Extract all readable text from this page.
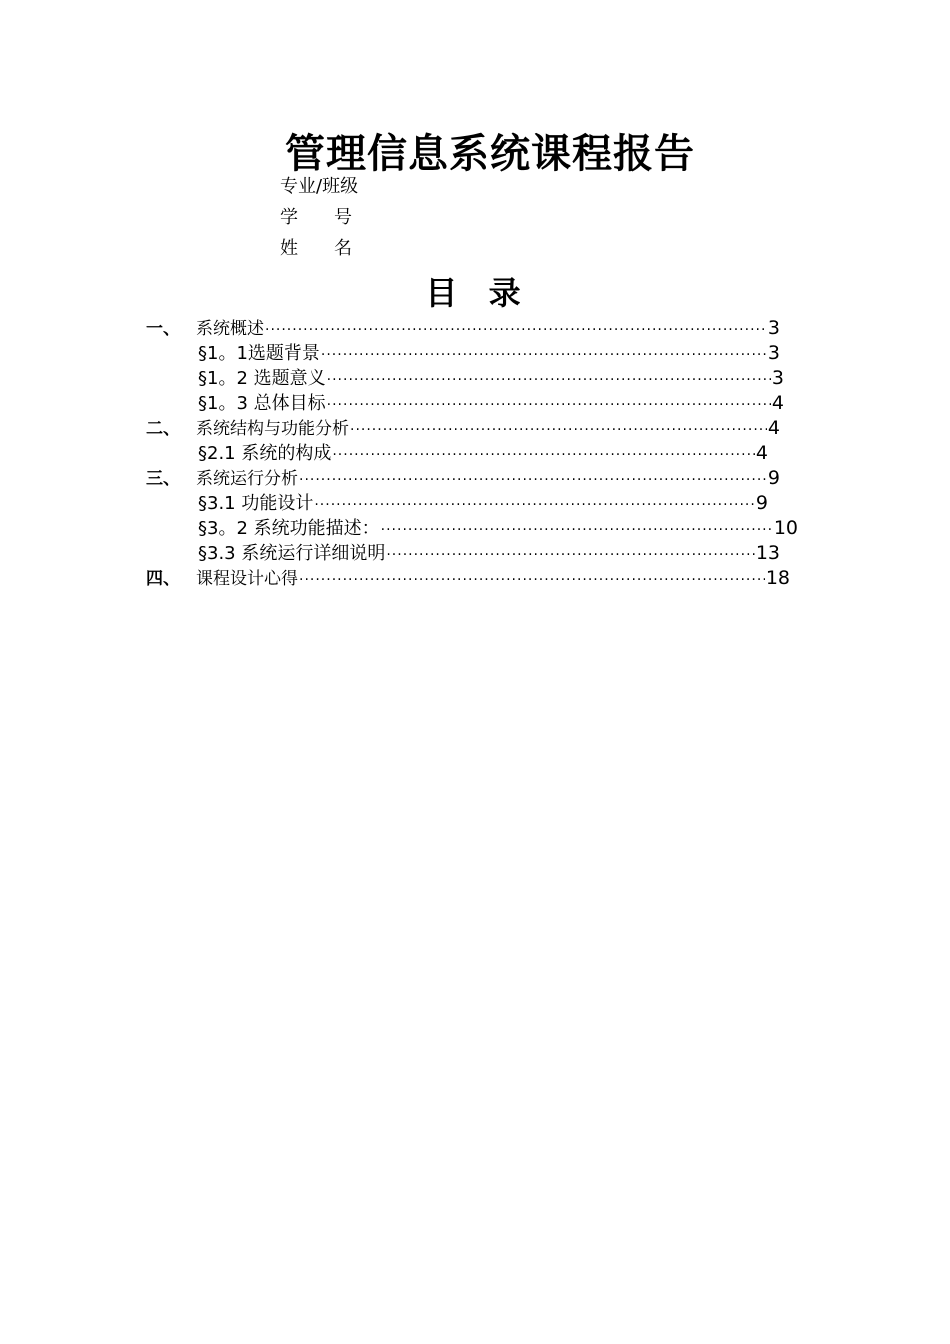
管理信息系统课程报告
专业/班级
学　　号
姓　　名
目 录
一、 系统概述 ·····	3
§1。1选题背景 ·····	3
§1。2 选题意义 ·····	3
§1。3 总体目标 ·····	4
二、 系统结构与功能分析 ·····	4
§2.1 系统的构成 ·····	4
三、 系统运行分析 ·····	9
§3.1 功能设计 ·····	9
§3。2 系统功能描述： ·····	10
§3.3 系统运行详细说明 ·····	13
四、 课程设计心得 ·····	18
